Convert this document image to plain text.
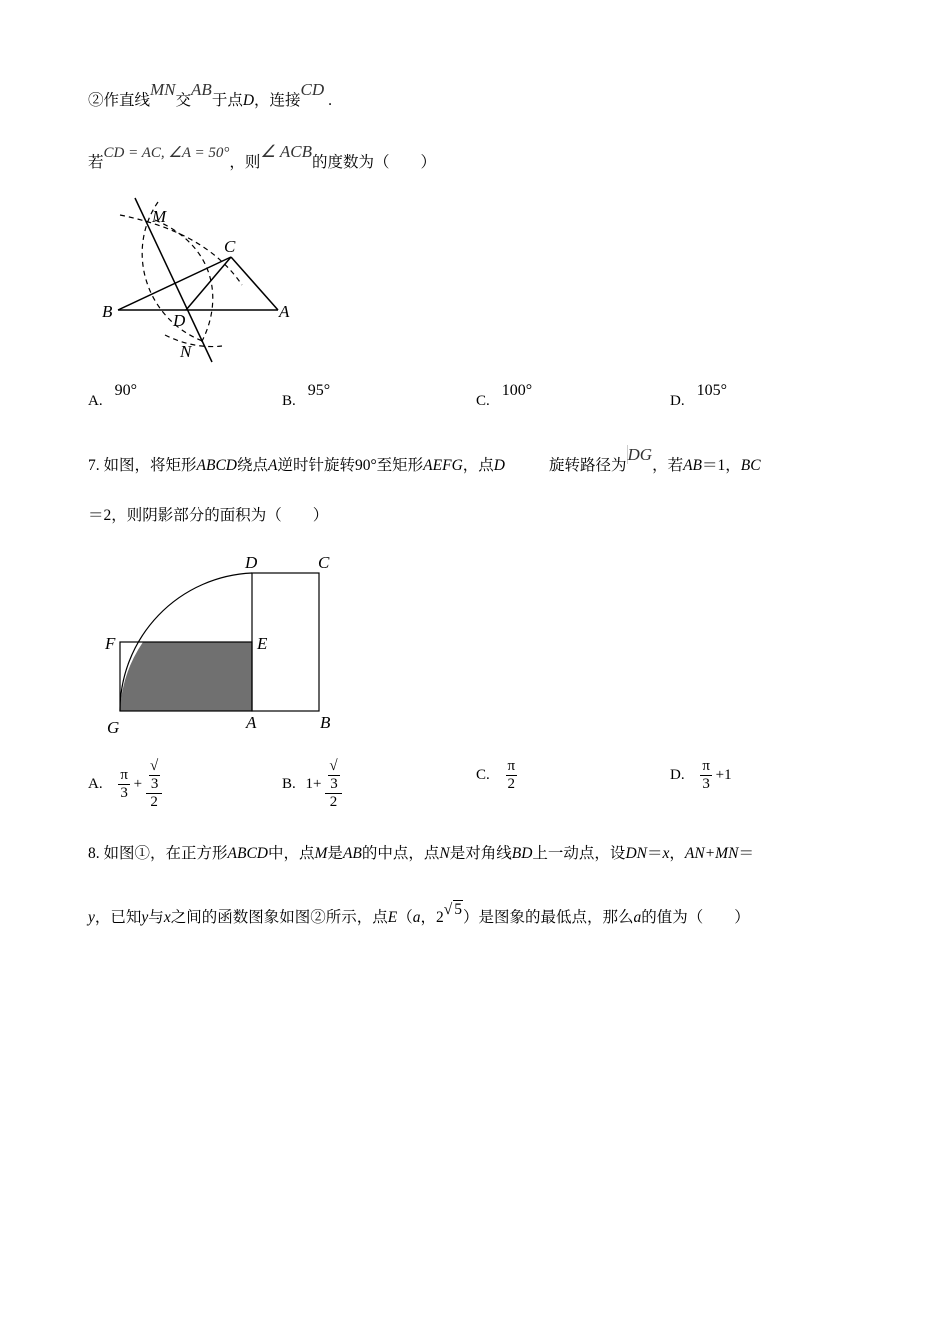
②作直线MN交AB于点D，连接CD.
若CD = AC, ∠A = 50°，则∠ ACB的度数为（　　）
M
C
B	D	A
N
A.90°
B.95°
C.100°
D.105°
7. 如图，将矩形ABCD绕点A逆时针旋转90°至矩形AEFG，点D	旋转路径为DG，若AB＝1，BC
＝2，则阴影部分的面积为（　　）
D	C
F	E
G	A	B
A. $\frac{\pi}{3}$ + √
3
2	B. 1+ √
3
2	C. $\frac{\pi}{2}$	D. $\frac{\pi}{3} +1$
8. 如图①，在正方形ABCD中，点M是AB的中点，点N是对角线BD上一动点，设DN＝x，AN+MN＝
y，已知y与x之间的函数图象如图②所示，点E（a，2√ 5）是图象的最低点，那么a的值为（　　）
